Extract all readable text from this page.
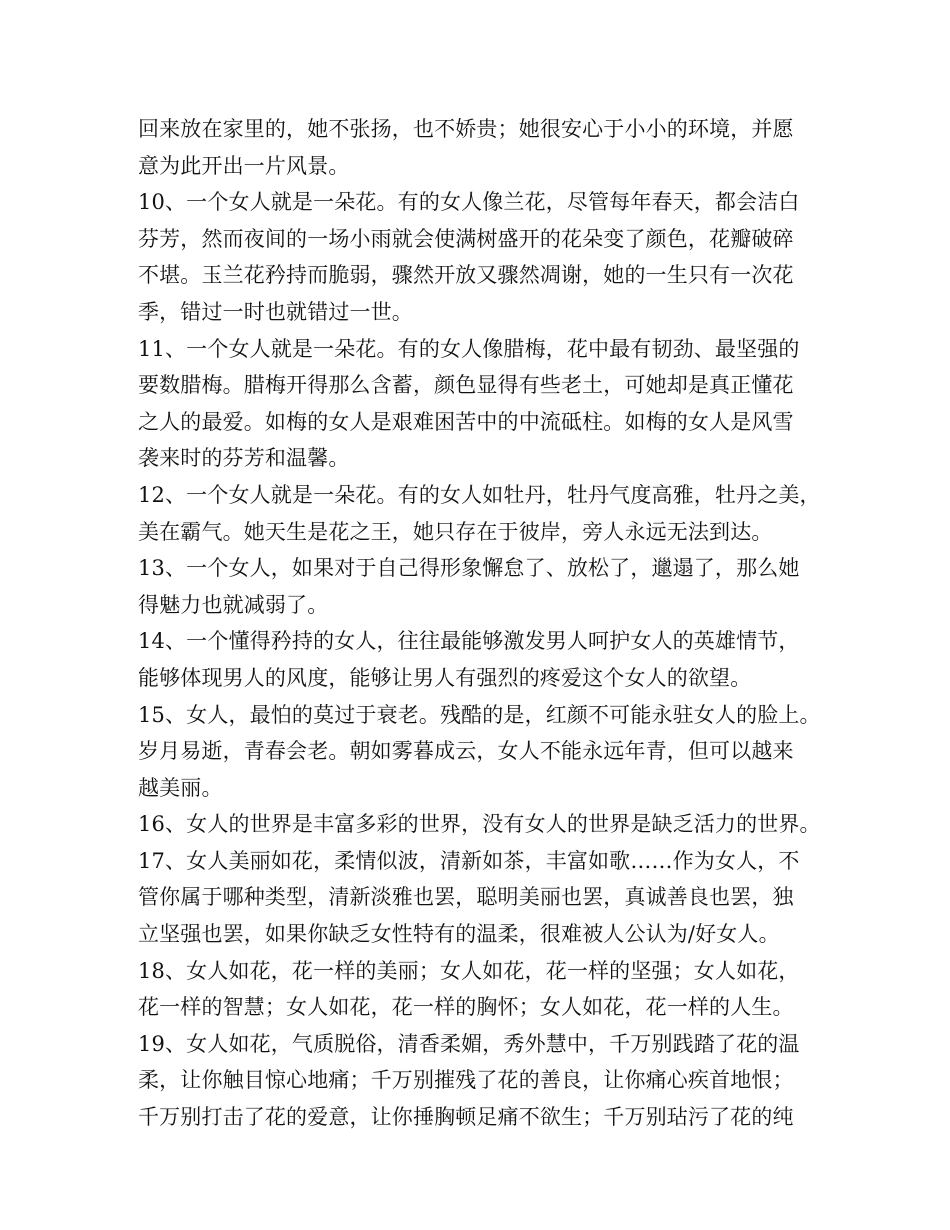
回来放在家里的，她不张扬，也不娇贵；她很安心于小小的环境，并愿
意为此开出一片风景。
10、一个女人就是一朵花。有的女人像兰花，尽管每年春天，都会洁白
芬芳，然而夜间的一场小雨就会使满树盛开的花朵变了颜色，花瓣破碎
不堪。玉兰花矜持而脆弱，骤然开放又骤然凋谢，她的一生只有一次花
季，错过一时也就错过一世。
11、一个女人就是一朵花。有的女人像腊梅，花中最有韧劲、最坚强的
要数腊梅。腊梅开得那么含蓄，颜色显得有些老土，可她却是真正懂花
之人的最爱。如梅的女人是艰难困苦中的中流砥柱。如梅的女人是风雪
袭来时的芬芳和温馨。
12、一个女人就是一朵花。有的女人如牡丹，牡丹气度高雅，牡丹之美，
美在霸气。她天生是花之王，她只存在于彼岸，旁人永远无法到达。
13、一个女人，如果对于自己得形象懈怠了、放松了，邋遢了，那么她
得魅力也就减弱了。
14、一个懂得矜持的女人，往往最能够激发男人呵护女人的英雄情节，
能够体现男人的风度，能够让男人有强烈的疼爱这个女人的欲望。
15、女人，最怕的莫过于衰老。残酷的是，红颜不可能永驻女人的脸上。
岁月易逝，青春会老。朝如雾暮成云，女人不能永远年青，但可以越来
越美丽。
16、女人的世界是丰富多彩的世界，没有女人的世界是缺乏活力的世界。
17、女人美丽如花，柔情似波，清新如茶，丰富如歌……作为女人，不
管你属于哪种类型，清新淡雅也罢，聪明美丽也罢，真诚善良也罢，独
立坚强也罢，如果你缺乏女性特有的温柔，很难被人公认为/好女人。
18、女人如花，花一样的美丽；女人如花，花一样的坚强；女人如花，
花一样的智慧；女人如花，花一样的胸怀；女人如花，花一样的人生。
19、女人如花，气质脱俗，清香柔媚，秀外慧中，千万别践踏了花的温
柔，让你触目惊心地痛；千万别摧残了花的善良，让你痛心疾首地恨；
千万别打击了花的爱意，让你捶胸顿足痛不欲生；千万别玷污了花的纯
